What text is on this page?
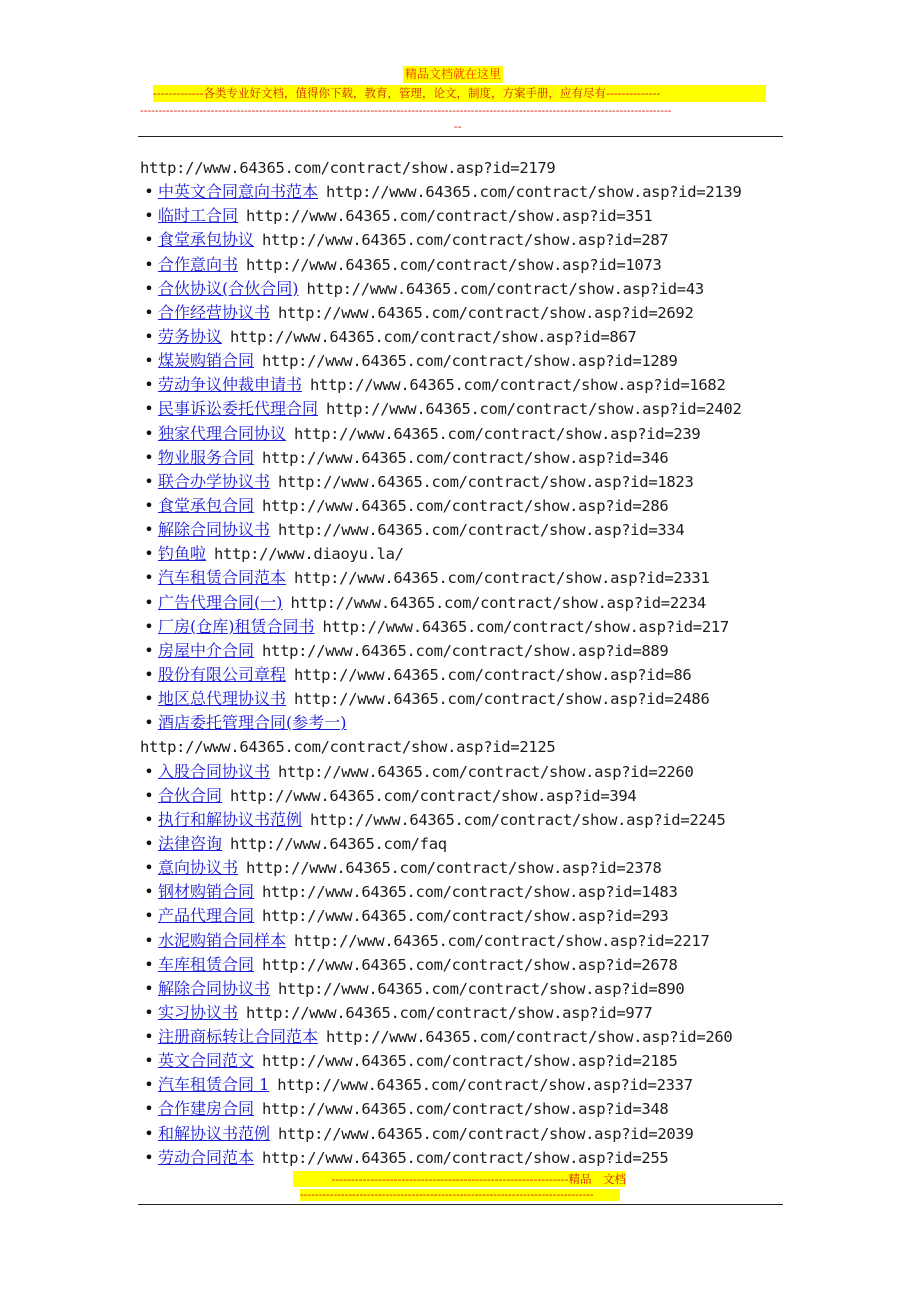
精品文档就在这里
-------------各类专业好文档，值得你下载，教育，管理，论文，制度，方案手册，应有尽有--------------
-----------------------------------------------------------------------------------------------------------------------------------------------
--
http://www.64365.com/contract/show.asp?id=2179
• 中英文合同意向书范本 http://www.64365.com/contract/show.asp?id=2139
• 临时工合同 http://www.64365.com/contract/show.asp?id=351
• 食堂承包协议 http://www.64365.com/contract/show.asp?id=287
• 合作意向书 http://www.64365.com/contract/show.asp?id=1073
• 合伙协议(合伙合同) http://www.64365.com/contract/show.asp?id=43
• 合作经营协议书 http://www.64365.com/contract/show.asp?id=2692
• 劳务协议 http://www.64365.com/contract/show.asp?id=867
• 煤炭购销合同 http://www.64365.com/contract/show.asp?id=1289
• 劳动争议仲裁申请书 http://www.64365.com/contract/show.asp?id=1682
• 民事诉讼委托代理合同 http://www.64365.com/contract/show.asp?id=2402
• 独家代理合同协议 http://www.64365.com/contract/show.asp?id=239
• 物业服务合同 http://www.64365.com/contract/show.asp?id=346
• 联合办学协议书 http://www.64365.com/contract/show.asp?id=1823
• 食堂承包合同 http://www.64365.com/contract/show.asp?id=286
• 解除合同协议书 http://www.64365.com/contract/show.asp?id=334
• 钓鱼啦 http://www.diaoyu.la/
• 汽车租赁合同范本 http://www.64365.com/contract/show.asp?id=2331
• 广告代理合同(一) http://www.64365.com/contract/show.asp?id=2234
• 厂房(仓库)租赁合同书 http://www.64365.com/contract/show.asp?id=217
• 房屋中介合同 http://www.64365.com/contract/show.asp?id=889
• 股份有限公司章程 http://www.64365.com/contract/show.asp?id=86
• 地区总代理协议书 http://www.64365.com/contract/show.asp?id=2486
• 酒店委托管理合同(参考一)
http://www.64365.com/contract/show.asp?id=2125
• 入股合同协议书 http://www.64365.com/contract/show.asp?id=2260
• 合伙合同 http://www.64365.com/contract/show.asp?id=394
• 执行和解协议书范例 http://www.64365.com/contract/show.asp?id=2245
• 法律咨询 http://www.64365.com/faq
• 意向协议书 http://www.64365.com/contract/show.asp?id=2378
• 钢材购销合同 http://www.64365.com/contract/show.asp?id=1483
• 产品代理合同 http://www.64365.com/contract/show.asp?id=293
• 水泥购销合同样本 http://www.64365.com/contract/show.asp?id=2217
• 车库租赁合同 http://www.64365.com/contract/show.asp?id=2678
• 解除合同协议书 http://www.64365.com/contract/show.asp?id=890
• 实习协议书 http://www.64365.com/contract/show.asp?id=977
• 注册商标转让合同范本 http://www.64365.com/contract/show.asp?id=260
• 英文合同范文 http://www.64365.com/contract/show.asp?id=2185
• 汽车租赁合同 1 http://www.64365.com/contract/show.asp?id=2337
• 合作建房合同 http://www.64365.com/contract/show.asp?id=348
• 和解协议书范例 http://www.64365.com/contract/show.asp?id=2039
• 劳动合同范本 http://www.64365.com/contract/show.asp?id=255
-------------------------------------------------------------精品　文档
-------------------------------------------------------------------------------
